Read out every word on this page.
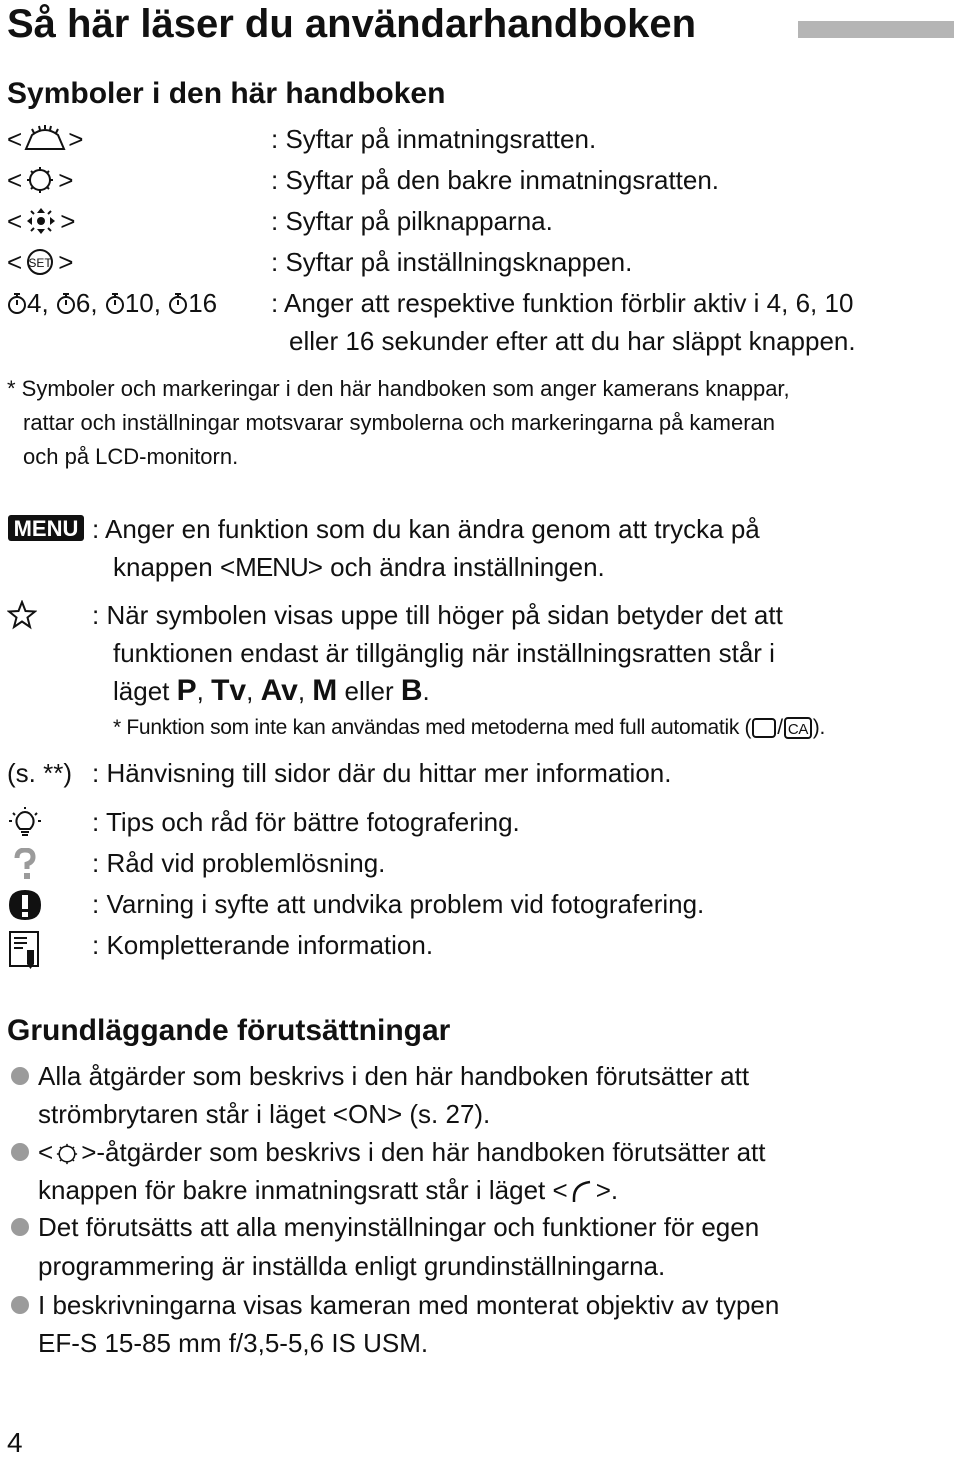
Så här läser du användarhandboken
Symboler i den här handboken
< >	: Syftar på inmatningsratten.
< >	: Syftar på den bakre inmatningsratten.
< >	: Syftar på pilknapparna.
< SET >	: Syftar på inställningsknappen.
4 , 6 , 10 , 16 : Anger att respektive funktion förblir aktiv i 4, 6, 10
eller 16 sekunder efter att du har släppt knappen.
* Symboler och markeringar i den här handboken som anger kamerans knappar,
rattar och inställningar motsvarar symbolerna och markeringarna på kameran
och på LCD-monitorn.
MENU : Anger en funktion som du kan ändra genom att trycka på
knappen <MENU> och ändra inställningen.
: När symbolen visas uppe till höger på sidan betyder det att
funktionen endast är tillgänglig när inställningsratten står i
läget P, Tv, Av, M eller B.
* Funktion som inte kan användas med metoderna med full automatik ( / CA ).
(s. **) : Hänvisning till sidor där du hittar mer information.
: Tips och råd för bättre fotografering.
: Råd vid problemlösning.
: Varning i syfte att undvika problem vid fotografering.
: Kompletterande information.
Grundläggande förutsättningar
Alla åtgärder som beskrivs i den här handboken förutsätter att
strömbrytaren står i läget <ON> (s. 27).
< >-åtgärder som beskrivs i den här handboken förutsätter att
knappen för bakre inmatningsratt står i läget < >.
Det förutsätts att alla menyinställningar och funktioner för egen
programmering är inställda enligt grundinställningarna.
I beskrivningarna visas kameran med monterat objektiv av typen
EF-S 15-85 mm f/3,5-5,6 IS USM.
4
